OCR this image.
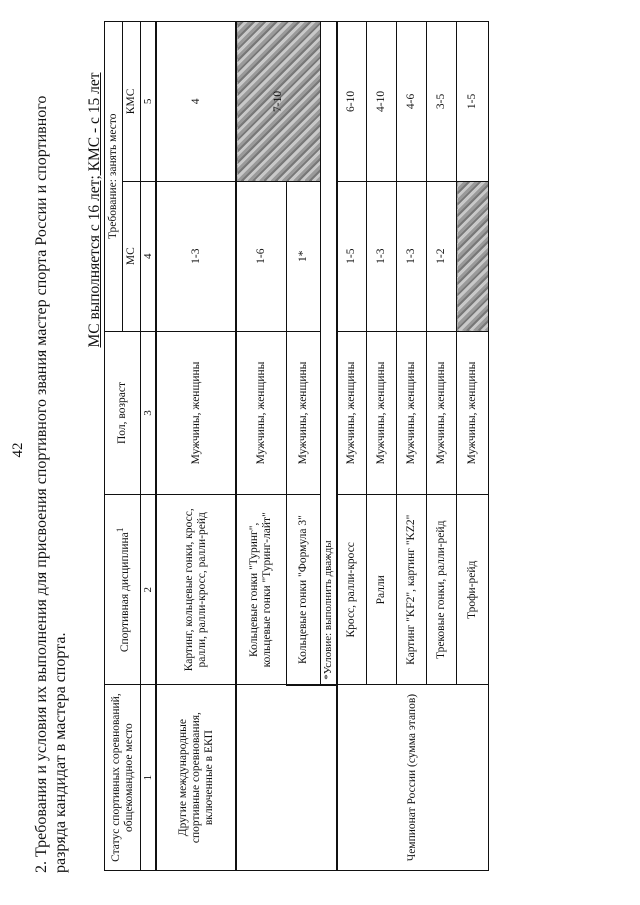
42 2. Требования и условия их выполнения для присвоения спортивного звания мастер спорта России и спортивного разряда кандидат в мастера спорта.
МС выполняется с 16 лет; КМС - с 15 лет
Статус спортивных соревнований, общекомандное место	Спортивная дисциплина$^1$	Пол, возраст	Требование: занять место	
			МС	КМС
1	2	3	4	5
Другие международные спортивные соревнования, включенные в ЕКП	Картинг, кольцевые гонки, кросс, ралли, ралли-кросс, ралли-рейд	Мужчины, женщины	1-3	4
	Кольцевые гонки "Туринг", кольцевые гонки "Туринг-лайт"	Мужчины, женщины	1-6	7-10
	Кольцевые гонки "Формула 3"	Мужчины, женщины	1*	
	*Условие: выполнить дважды			
Чемпионат России (сумма этапов)	Кросс, ралли-кросс	Мужчины, женщины	1-5	6-10
	Ралли	Мужчины, женщины	1-3	4-10
	Картинг "KF2", картинг "KZ2"	Мужчины, женщины	1-3	4-6
	Трековые гонки, ралли-рейд	Мужчины, женщины	1-2	3-5
	Трофи-рейд	Мужчины, женщины		1-5
